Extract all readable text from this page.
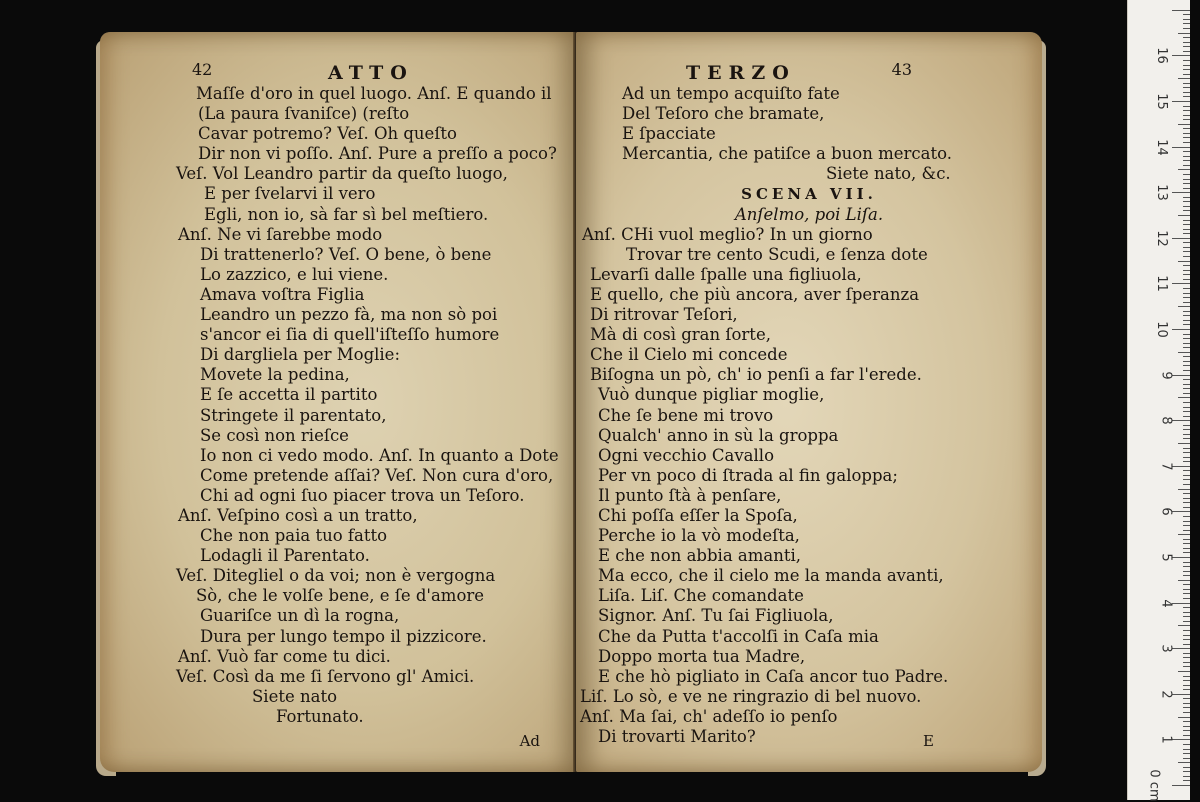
42	ATTO
Maſſe d'oro in quel luogo. Anſ. E quando il
(La paura ſvaniſce) (reſto
Cavar potremo? Veſ. Oh queſto
Dir non vi poſſo. Anſ. Pure a preſſo a poco?
Veſ. Vol Leandro partir da queſto luogo,
E per ſvelarvi il vero
Egli, non io, sà far sì bel meſtiero.
Anſ. Ne vi ſarebbe modo
Di trattenerlo? Veſ. O bene, ò bene
Lo zazzico, e lui viene.
Amava voſtra Figlia
Leandro un pezzo fà, ma non sò poi
s'ancor ei ſia di quell'iſteſſo humore
Di dargliela per Moglie:
Movete la pedina,
E ſe accetta il partito
Stringete il parentato,
Se così non rieſce
Io non ci vedo modo. Anſ. In quanto a Dote
Come pretende aſſai? Veſ. Non cura d'oro,
Chi ad ogni ſuo piacer trova un Teſoro.
Anſ. Veſpino così a un tratto,
Che non paia tuo fatto
Lodagli il Parentato.
Veſ. Ditegliel o da voi; non è vergogna
Sò, che le volſe bene, e ſe d'amore
Guariſce un dì la rogna,
Dura per lungo tempo il pizzicore.
Anſ. Vuò far come tu dici.
Veſ. Così da me ſi ſervono gl' Amici.
Siete nato
Fortunato.
Ad
TERZO	43
Ad un tempo acquiſto fate
Del Teſoro che bramate,
E ſpacciate
Mercantia, che patiſce a buon mercato.
Siete nato, &c.
SCENA VII.
Anſelmo, poi Liſa.
Anſ. CHi vuol meglio? In un giorno
Trovar tre cento Scudi, e ſenza dote
Levarſi dalle ſpalle una figliuola,
E quello, che più ancora, aver ſperanza
Di ritrovar Teſori,
Mà di così gran ſorte,
Che il Cielo mi concede
Biſogna un pò, ch' io penſi a far l'erede.
Vuò dunque pigliar moglie,
Che ſe bene mi trovo
Qualch' anno in sù la groppa
Ogni vecchio Cavallo
Per vn poco di ſtrada al fin galoppa;
Il punto ſtà à penſare,
Chi poſſa eſſer la Spoſa,
Perche io la vò modeſta,
E che non abbia amanti,
Ma ecco, che il cielo me la manda avanti,
Liſa. Liſ. Che comandate
Signor. Anſ. Tu ſai Figliuola,
Che da Putta t'accolſi in Caſa mia
Doppo morta tua Madre,
E che hò pigliato in Caſa ancor tuo Padre.
Liſ. Lo sò, e ve ne ringrazio di bel nuovo.
Anſ. Ma ſai, ch' adeſſo io penſo
Di trovarti Marito?	E
0 cm
1
2
3
4
5
6
7
8
9
10
11
12
13
14
15
16
